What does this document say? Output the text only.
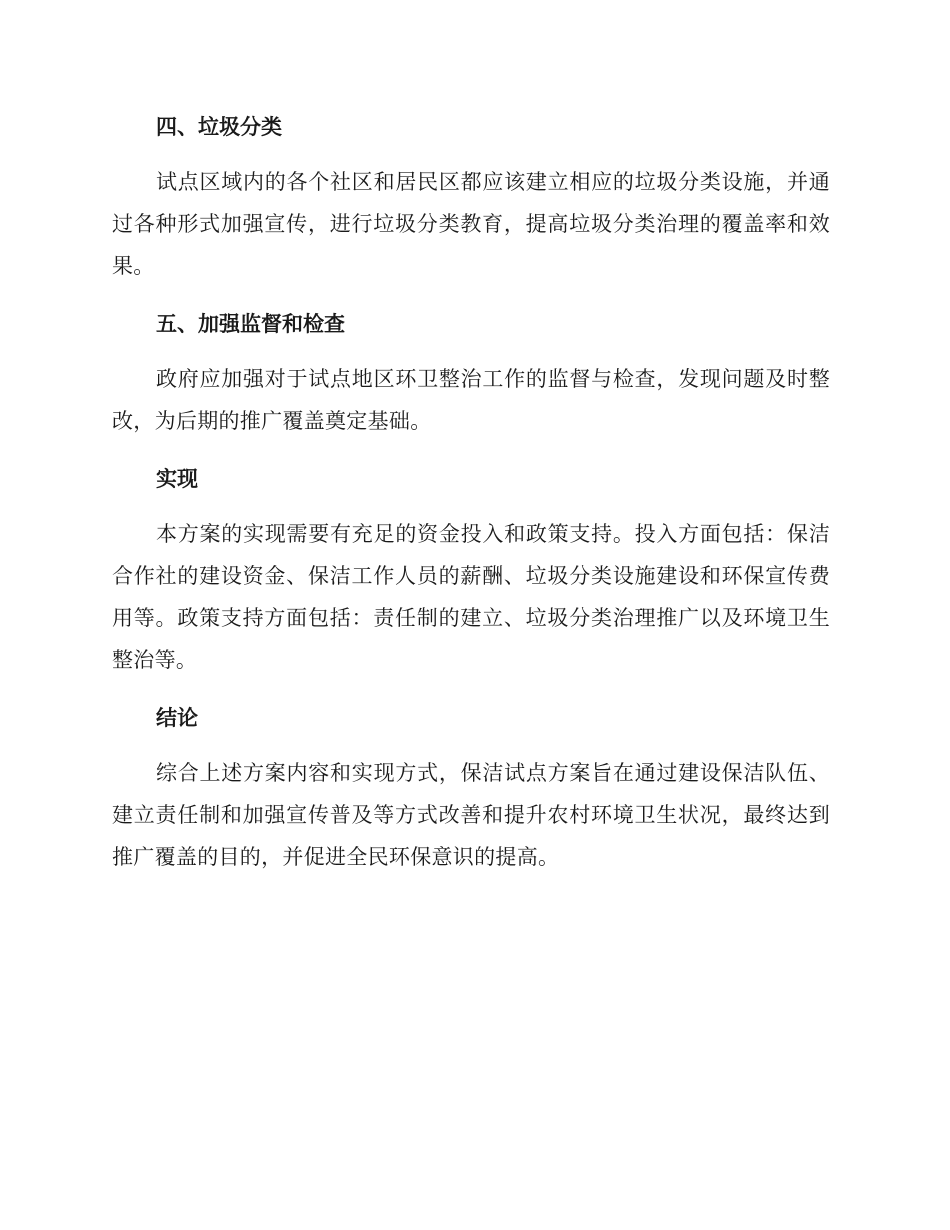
四、垃圾分类

试点区域内的各个社区和居民区都应该建立相应的垃圾分类设施，并通过各种形式加强宣传，进行垃圾分类教育，提高垃圾分类治理的覆盖率和效果。

五、加强监督和检查

政府应加强对于试点地区环卫整治工作的监督与检查，发现问题及时整改，为后期的推广覆盖奠定基础。

实现

本方案的实现需要有充足的资金投入和政策支持。投入方面包括：保洁合作社的建设资金、保洁工作人员的薪酬、垃圾分类设施建设和环保宣传费用等。政策支持方面包括：责任制的建立、垃圾分类治理推广以及环境卫生整治等。

结论

综合上述方案内容和实现方式，保洁试点方案旨在通过建设保洁队伍、建立责任制和加强宣传普及等方式改善和提升农村环境卫生状况，最终达到推广覆盖的目的，并促进全民环保意识的提高。
